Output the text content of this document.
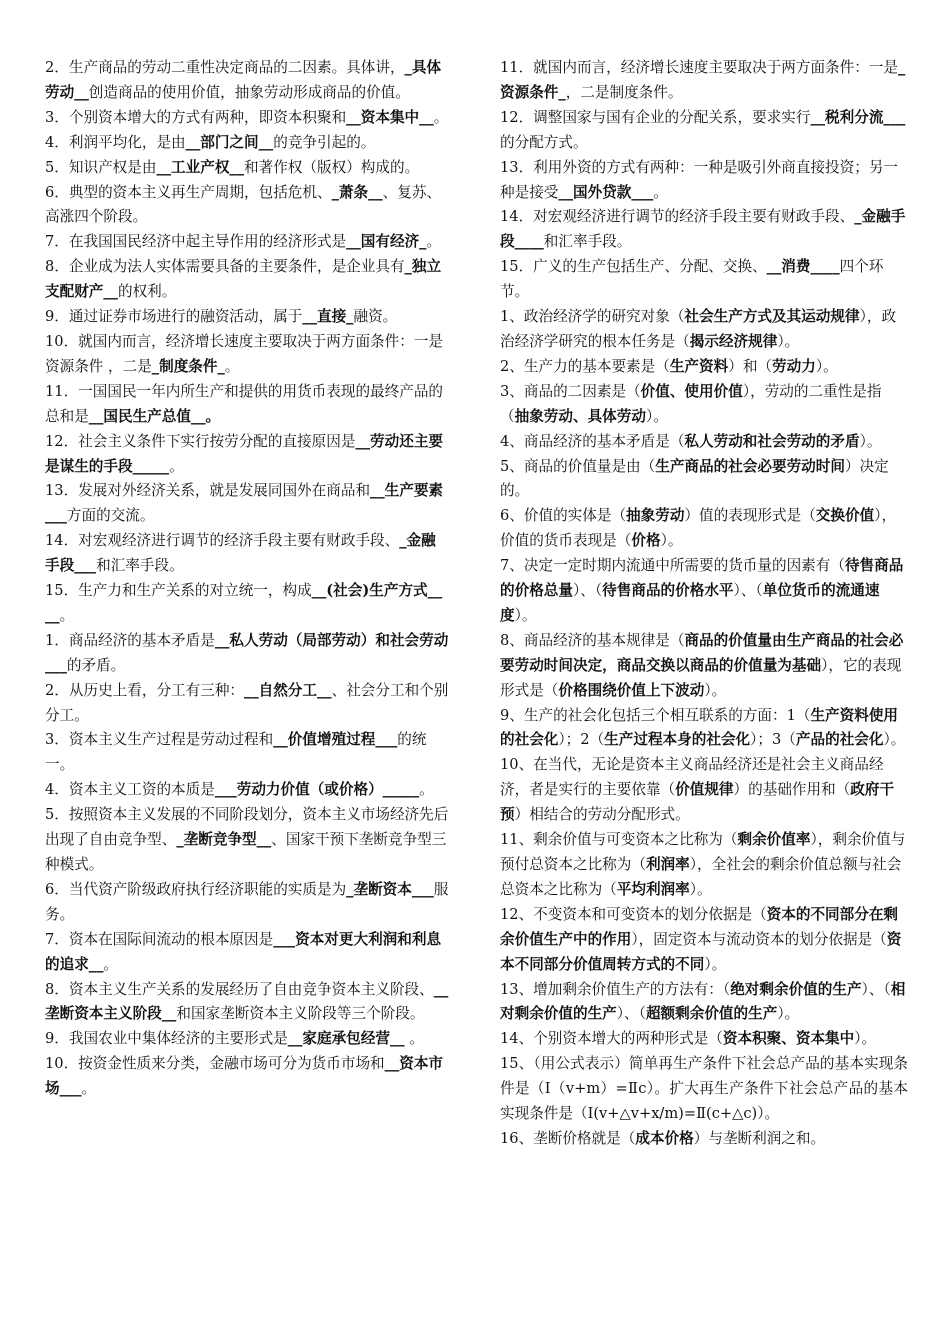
2．生产商品的劳动二重性决定商品的二因素。具体讲，_具体劳动__创造商品的使用价值，抽象劳动形成商品的价值。

3．个别资本增大的方式有两种，即资本积聚和__资本集中__。

4．利润平均化，是由__部门之间__的竞争引起的。

5．知识产权是由__工业产权__和著作权（版权）构成的。

6．典型的资本主义再生产周期，包括危机、_萧条__、复苏、高涨四个阶段。

7．在我国国民经济中起主导作用的经济形式是__国有经济_。

8．企业成为法人实体需要具备的主要条件，是企业具有_独立支配财产__的权利。

9．通过证券市场进行的融资活动，属于__直接_融资。

10．就国内而言，经济增长速度主要取决于两方面条件：一是资源条件 ，二是_制度条件_。

11．一国国民一年内所生产和提供的用货币表现的最终产品的总和是__国民生产总值__。

12．社会主义条件下实行按劳分配的直接原因是__劳动还主要是谋生的手段_____。

13．发展对外经济关系，就是发展同国外在商品和__生产要素___方面的交流。

14．对宏观经济进行调节的经济手段主要有财政手段、_金融手段___和汇率手段。

15．生产力和生产关系的对立统一，构成__(社会)生产方式____。

1．商品经济的基本矛盾是__私人劳动（局部劳动）和社会劳动___的矛盾。

2．从历史上看，分工有三种：__自然分工__、社会分工和个别分工。

3．资本主义生产过程是劳动过程和__价值增殖过程___的统一。

4．资本主义工资的本质是___劳动力价值（或价格）_____。

5．按照资本主义发展的不同阶段划分，资本主义市场经济先后出现了自由竞争型、_垄断竞争型__、国家干预下垄断竞争型三种模式。

6．当代资产阶级政府执行经济职能的实质是为_垄断资本___服务。

7．资本在国际间流动的根本原因是___资本对更大利润和利息的追求__。

8．资本主义生产关系的发展经历了自由竞争资本主义阶段、__垄断资本主义阶段__和国家垄断资本主义阶段等三个阶段。

9．我国农业中集体经济的主要形式是__家庭承包经营__ 。

10．按资金性质来分类，金融市场可分为货币市场和__资本市场___。

11．就国内而言，经济增长速度主要取决于两方面条件：一是_资源条件_，二是制度条件。

12．调整国家与国有企业的分配关系，要求实行__税利分流___的分配方式。

13．利用外资的方式有两种：一种是吸引外商直接投资；另一种是接受__国外贷款___。

14．对宏观经济进行调节的经济手段主要有财政手段、_金融手段____和汇率手段。

15．广义的生产包括生产、分配、交换、__消费____四个环节。

1、政治经济学的研究对象（社会生产方式及其运动规律），政治经济学研究的根本任务是（揭示经济规律）。

2、生产力的基本要素是（生产资料）和（劳动力）。

3、商品的二因素是（价值、使用价值），劳动的二重性是指（抽象劳动、具体劳动）。

4、商品经济的基本矛盾是（私人劳动和社会劳动的矛盾）。

5、商品的价值量是由（生产商品的社会必要劳动时间）决定的。

6、价值的实体是（抽象劳动）值的表现形式是（交换价值），价值的货币表现是（价格）。

7、决定一定时期内流通中所需要的货币量的因素有（待售商品的价格总量）、（待售商品的价格水平）、（单位货币的流通速度）。

8、商品经济的基本规律是（商品的价值量由生产商品的社会必要劳动时间决定，商品交换以商品的价值量为基础），它的表现形式是（价格围绕价值上下波动）。

9、生产的社会化包括三个相互联系的方面：1（生产资料使用的社会化）；2（生产过程本身的社会化）；3（产品的社会化）。

10、在当代，无论是资本主义商品经济还是社会主义商品经济，者是实行的主要依靠（价值规律）的基础作用和（政府干预）相结合的劳动分配形式。

11、剩余价值与可变资本之比称为（剩余价值率），剩余价值与预付总资本之比称为（利润率），全社会的剩余价值总额与社会总资本之比称为（平均利润率）。

12、不变资本和可变资本的划分依据是（资本的不同部分在剩余价值生产中的作用），固定资本与流动资本的划分依据是（资本不同部分价值周转方式的不同）。

13、增加剩余价值生产的方法有：（绝对剩余价值的生产）、（相对剩余价值的生产）、（超额剩余价值的生产）。

14、个别资本增大的两种形式是（资本积聚、资本集中）。

15、（用公式表示）简单再生产条件下社会总产品的基本实现条件是（Ⅰ（v+m）=Ⅱc）。扩大再生产条件下社会总产品的基本实现条件是（Ⅰ(v+△v+x/m)=Ⅱ(c+△c)）。

16、垄断价格就是（成本价格）与垄断利润之和。
